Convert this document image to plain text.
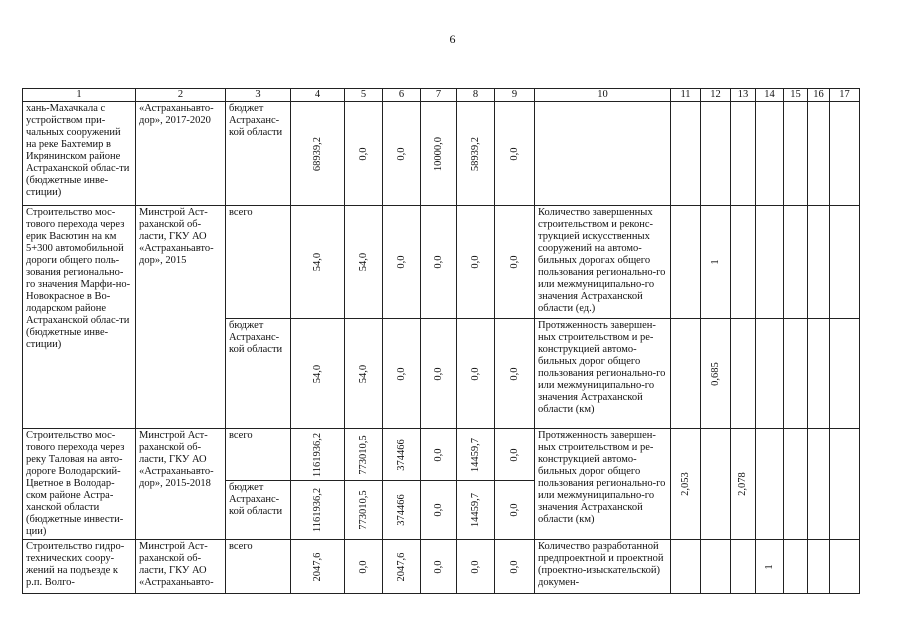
6
1	2	3	4	5	6	7	8	9	10	11	12	13	14	15	16	17
хань-Махачкала с устройством при-чальных сооружений на реке Бахтемир в Икрянинском районе Астраханской облас-ти (бюджетные инве-стиции)	«Астраханьавто-дор», 2017-2020	бюджет Астраханс-кой области	68939,2	0,0	0,0	10000,0	58939,2	0,0								

Строительство мос-тового перехода через ерик Васютин на км 5+300 автомобильной дороги общего поль-зования регионально-го значения Марфи-но-Новокрасное в Во-лодарском районе Астраханской облас-ти (бюджетные инве-стиции)	Минстрой Аст-раханской об-ласти, ГКУ АО «Астраханьавто-дор», 2015	всего	54,0	54,0	0,0	0,0	0,0	0,0	Количество завершенных строительством и реконс-трукцией искусственных сооружений на автомо-бильных дорогах общего пользования регионально-го или межмуниципально-го значения Астраханской области (ед.)		1					

		бюджет Астраханс-кой области	54,0	54,0	0,0	0,0	0,0	0,0	Протяженность завершен-ных строительством и ре-конструкцией автомо-бильных дорог общего пользования регионально-го или межмуниципально-го значения Астраханской области (км)		0,685					

Строительство мос-тового перехода через реку Таловая на авто-дороге Володарский-Цветное в Володар-ском районе Астра-ханской области (бюджетные инвести-ции)	Минстрой Аст-раханской об-ласти, ГКУ АО «Астраханьавто-дор», 2015-2018	всего	1161936,2	773010,5	374466	0,0	14459,7	0,0	Протяженность завершен-ных строительством и ре-конструкцией автомо-бильных дорог общего пользования регионально-го или межмуниципально-го значения Астраханской области (км)	2,053		2,078				

		бюджет Астраханс-кой области	1161936,2	773010,5	374466	0,0	14459,7	0,0								

Строительство гидро-технических соору-жений на подъезде к р.п. Волго-	Минстрой Аст-раханской об-ласти, ГКУ АО «Астраханьавто-	всего	2047,6	0,0	2047,6	0,0	0,0	0,0	Количество разработанной предпроектной и проектной (проектно-изыскательской) докумен-				1			
